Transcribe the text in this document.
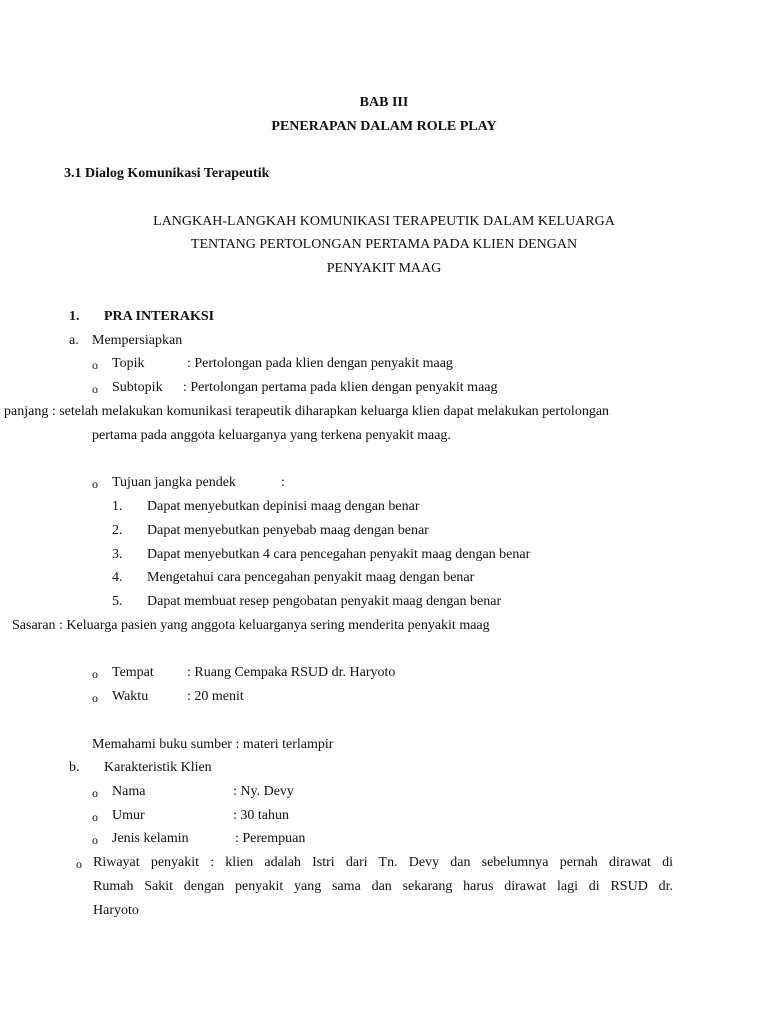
BAB III
PENERAPAN DALAM ROLE PLAY
3.1 Dialog Komunikasi Terapeutik
LANGKAH-LANGKAH KOMUNIKASI TERAPEUTIK DALAM KELUARGA
TENTANG PERTOLONGAN PERTAMA PADA KLIEN DENGAN
PENYAKIT MAAG
1. PRA INTERAKSI
a. Mempersiapkan
o Topik	: Pertolongan pada klien dengan penyakit maag
o Subtopik : Pertolongan pertama pada klien dengan penyakit maag
panjang : setelah melakukan komunikasi terapeutik diharapkan keluarga klien dapat melakukan pertolongan
pertama pada anggota keluarganya yang terkena penyakit maag.
o Tujuan jangka pendek	:
1. Dapat menyebutkan depinisi maag dengan benar
2. Dapat menyebutkan penyebab maag dengan benar
3. Dapat menyebutkan 4 cara pencegahan penyakit maag dengan benar
4. Mengetahui cara pencegahan penyakit maag dengan benar
5. Dapat membuat resep pengobatan penyakit maag dengan benar
Sasaran : Keluarga pasien yang anggota keluarganya sering menderita penyakit maag
o Tempat : Ruang Cempaka RSUD dr. Haryoto
o Waktu	: 20 menit
Memahami buku sumber : materi terlampir
b. Karakteristik Klien
o Nama	: Ny. Devy
o Umur	: 30 tahun
o Jenis kelamin	: Perempuan
o Riwayat penyakit : klien adalah Istri dari Tn. Devy dan sebelumnya pernah dirawat di
Rumah Sakit dengan penyakit yang sama dan sekarang harus dirawat lagi di RSUD dr.
Haryoto
